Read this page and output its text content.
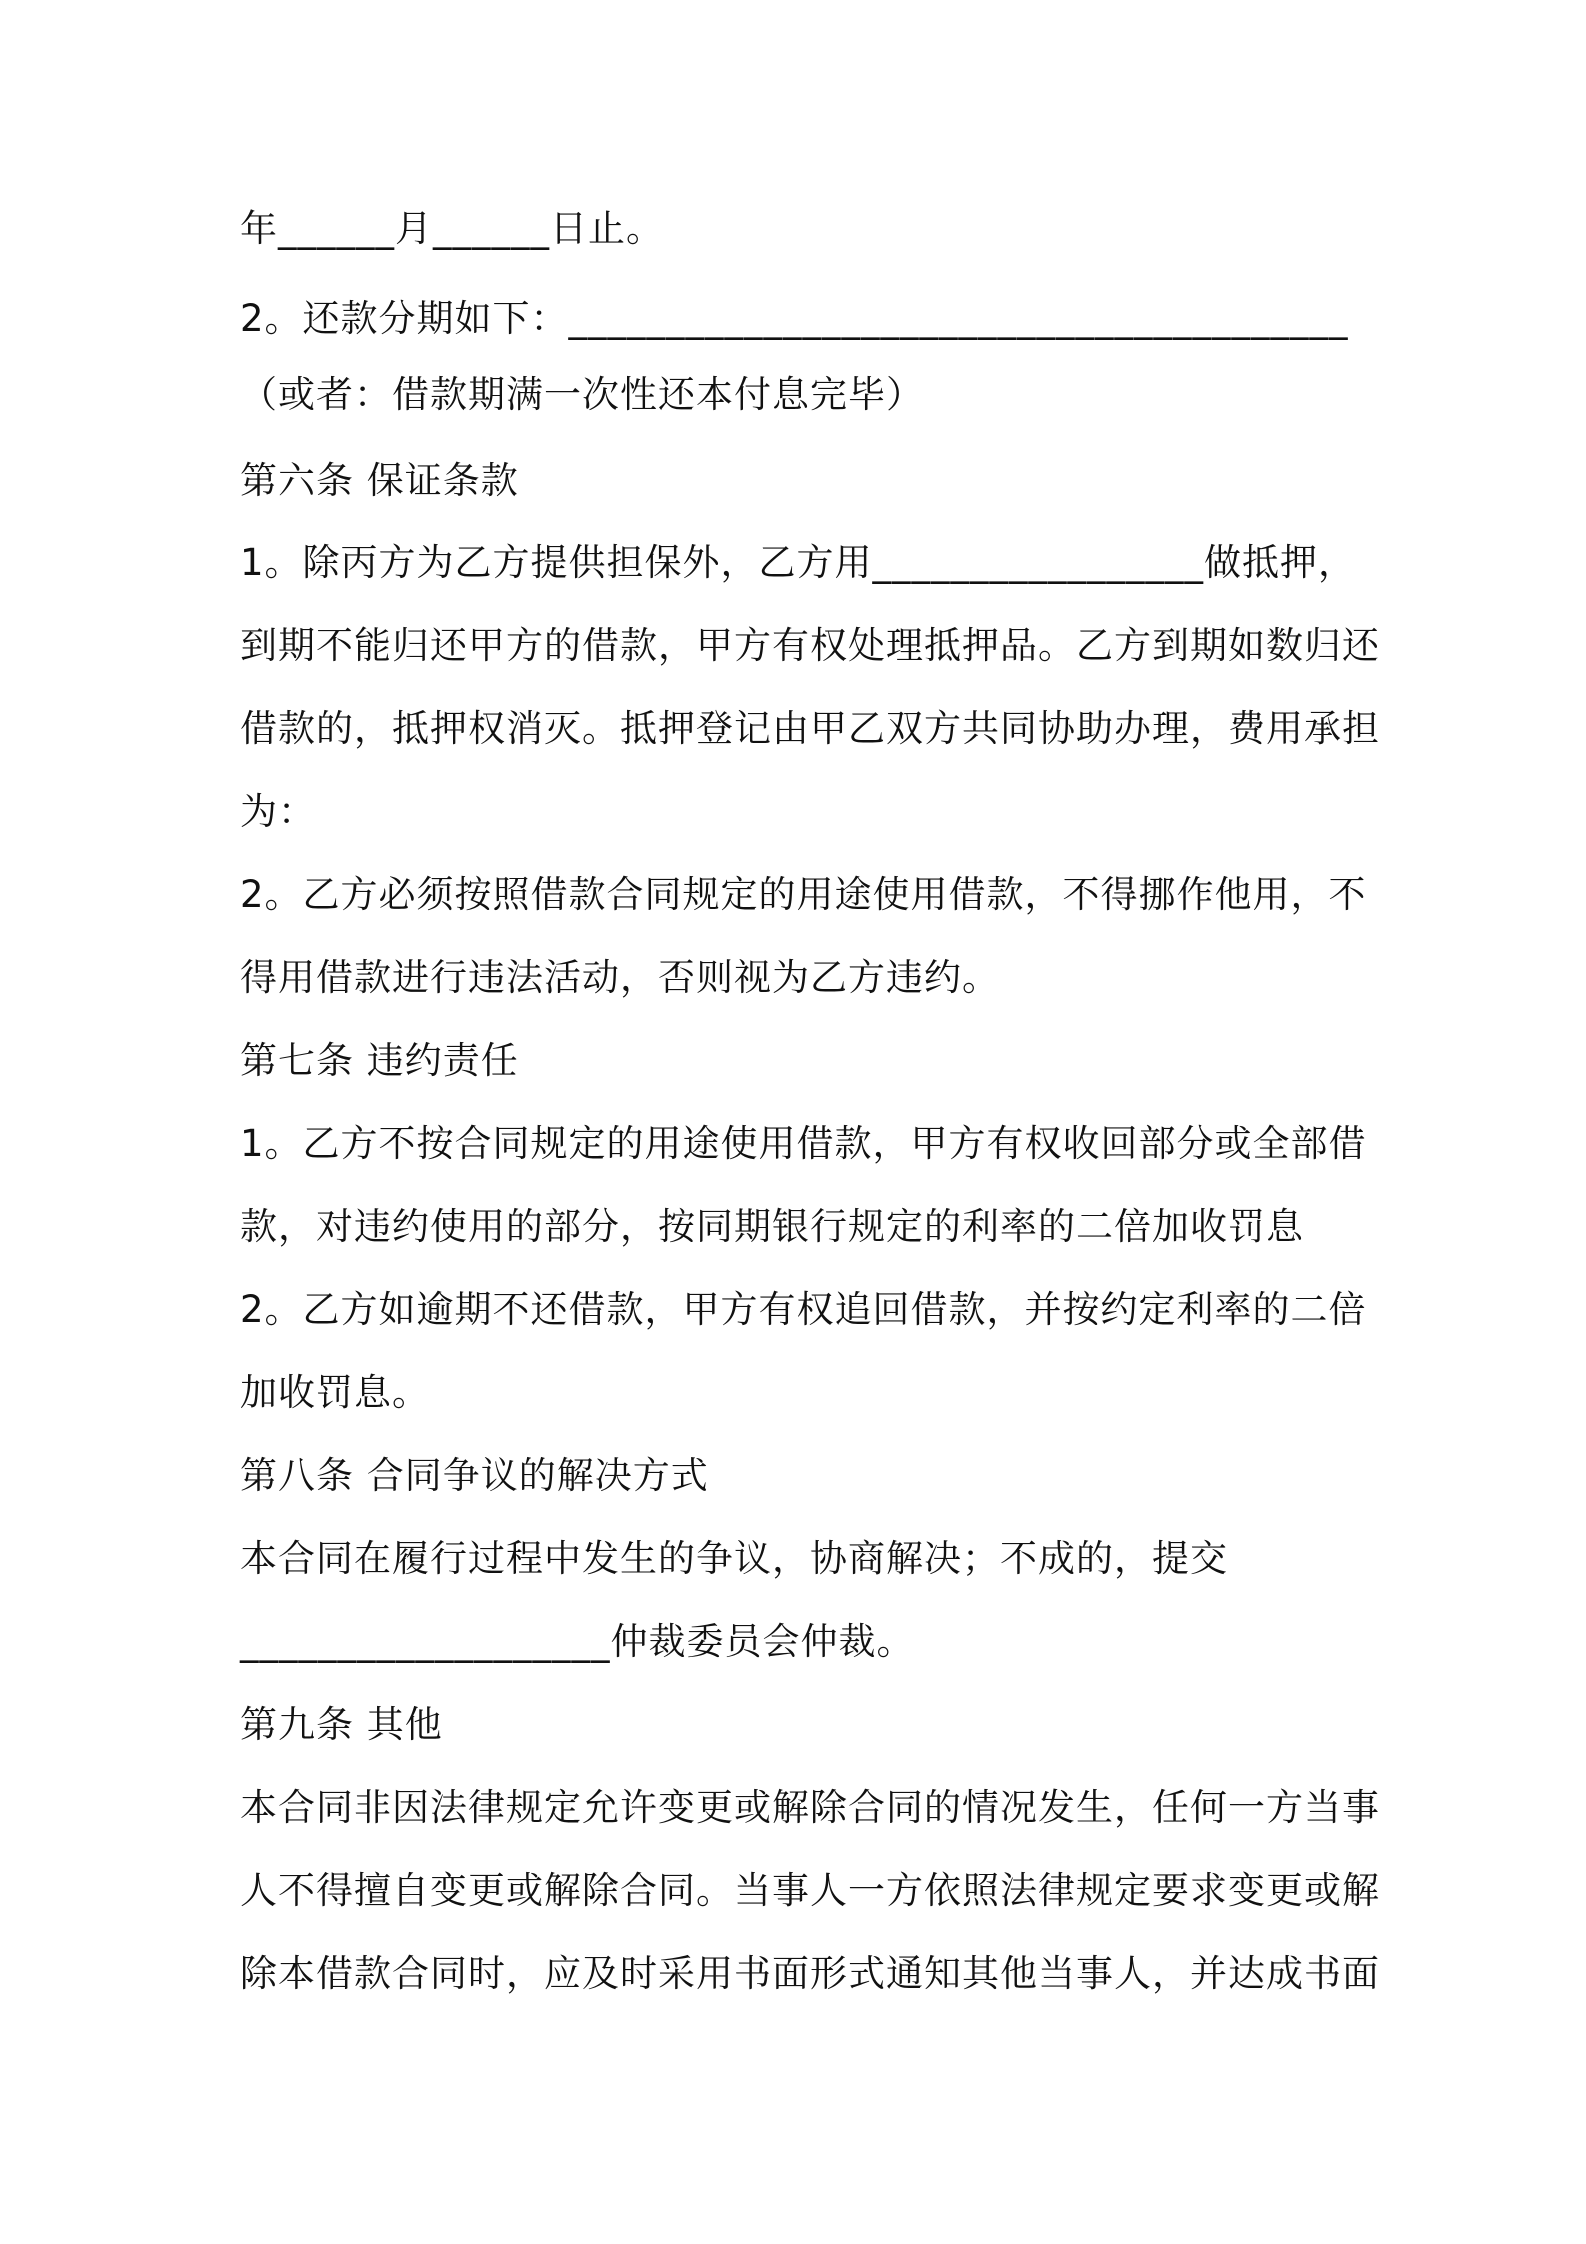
年______月______日止。
2。还款分期如下：________________________________________
（或者：借款期满一次性还本付息完毕）
第六条 保证条款
1。除丙方为乙方提供担保外，乙方用_________________做抵押，
到期不能归还甲方的借款，甲方有权处理抵押品。乙方到期如数归还
借款的，抵押权消灭。抵押登记由甲乙双方共同协助办理，费用承担
为：
2。乙方必须按照借款合同规定的用途使用借款，不得挪作他用，不
得用借款进行违法活动，否则视为乙方违约。
第七条 违约责任
1。乙方不按合同规定的用途使用借款，甲方有权收回部分或全部借
款，对违约使用的部分，按同期银行规定的利率的二倍加收罚息
2。乙方如逾期不还借款，甲方有权追回借款，并按约定利率的二倍
加收罚息。
第八条 合同争议的解决方式
本合同在履行过程中发生的争议，协商解决；不成的，提交
___________________仲裁委员会仲裁。
第九条 其他
本合同非因法律规定允许变更或解除合同的情况发生，任何一方当事
人不得擅自变更或解除合同。当事人一方依照法律规定要求变更或解
除本借款合同时，应及时采用书面形式通知其他当事人，并达成书面
